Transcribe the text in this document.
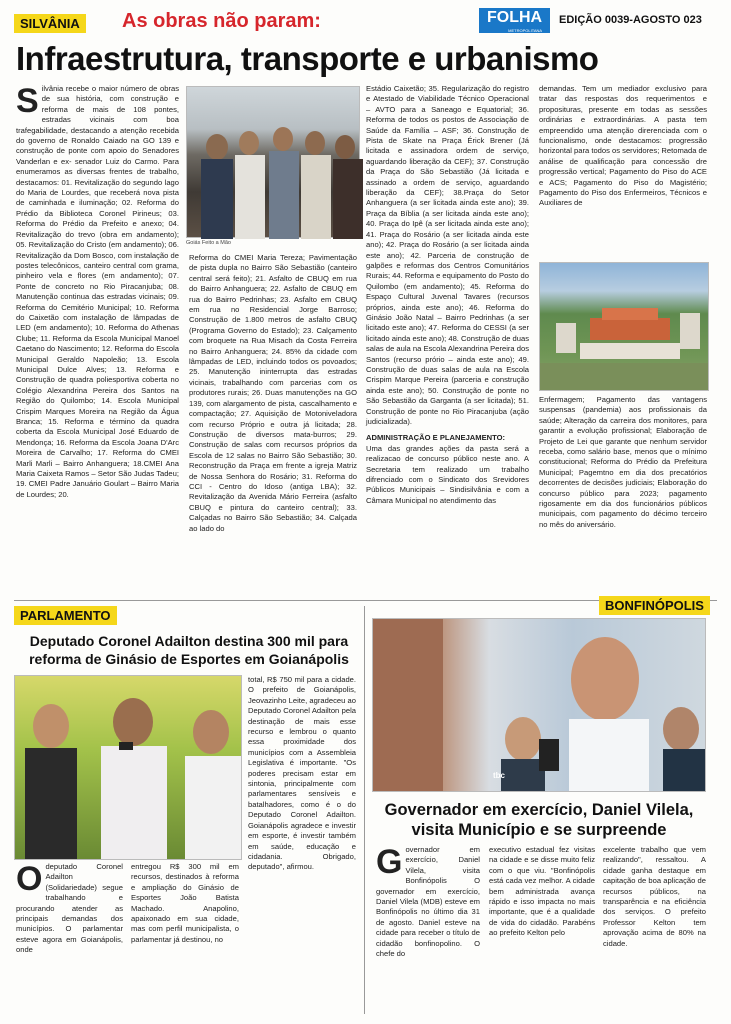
SILVÂNIA	As obras não param:	FOLHA
METROPOLITANA
EDIÇÃO 0039-AGOSTO 023
Infraestrutura, transporte e urbanismo
S ilvânia recebe o maior número de obras de sua história, com construção e reforma de mais de 108 pontes, estradas vicinais com boa trafegabilidade, destacando a atenção recebida do governo de Ronaldo Caiado na GO 139 e construção de ponte com apoio do Senadores Vanderlan e ex- senador Luiz do Carmo. Para enumeramos as diversas frentes de trabalho, destacamos: 01. Revitalização do segundo lago do Maria de Lourdes, que receberá nova pista de caminhada e iluminação; 02. Reforma do Prédio da Biblioteca Coronel Pirineus; 03. Reforma do Prédio da Prefeito e anexo; 04. Revitalização do trevo (obra em andamento); 05. Revitalização do Cristo (em andamento); 06. Revitalização da Dom Bosco, com instalação de postes telecônicos, canteiro central com grama, pinheiro vela e flores (em andamento); 07. Ponte de concreto no Rio Piracanjuba; 08. Manutenção continua das estradas vicinais; 09. Reforma do Cemitério Municipal; 10. Reforma do Caixetão com instalação de lâmpadas de LED (em andamento); 10. Reforma do Athenas Clube; 11. Reforma da Escola Municipal Manoel Caetano do Nascimento; 12. Reforma do Escola Municipal Geraldo Napoleão; 13. Escola Municipal Dulce Alves; 13. Reforma e Construção de quadra poliesportiva coberta no Colégio Alexandrina Pereira dos Santos na Região do Quilombo; 14. Escola Municipal Crispim Marques Moreira na Região da Água Branca; 15. Reforma e término da quadra coberta da Escola Municipal José Eduardo de Mendonça; 16. Reforma da Escola Joana D'Arc Moreira de Carvalho; 17. Reforma do CMEI Marli Marli – Bairro Anhanguera; 18.CMEI Ana Maria Caixeta Ramos – Setor São Judas Tadeu; 19. CMEI Padre Januário Goulart – Bairro Maria de Lourdes; 20.

Goiás Feito a Mão

Reforma do CMEI Maria Tereza; Pavimentação de pista dupla no Bairro São Sebastião (canteiro central será feito); 21. Asfalto de CBUQ em rua do Bairro Anhanguera; 22. Asfalto de CBUQ em rua do Bairro Pedrinhas; 23. Asfalto em CBUQ em rua no Residencial Jorge Barroso; Construção de 1.800 metros de asfalto CBUQ (Programa Governo do Estado); 23. Calçamento com broquete na Rua Misach da Costa Ferreira no Bairro Anhanguera; 24. 85% da cidade com lâmpadas de LED, incluindo todos os povoados; 25. Manutenção ininterrupta das estradas vicinais, trabalhando com parcerias com os produtores rurais; 26. Duas manutenções na GO 139, com alargamento de pista, cascalhamento e compactação; 27. Aquisição de Motoniveladora com recurso Próprio e outra já licitada; 28. Construção de diversos mata-burros; 29. Construção de salas com recursos próprios da Escola de 12 salas no Bairro São Sebastião; 30. Reconstrução da Praça em frente a igreja Matriz de Nossa Senhora do Rosário; 31. Reforma do CCI - Centro do Idoso (antiga LBA); 32. Revitalização da Avenida Mário Ferreira (asfalto CBUQ e pintura do canteiro central); 33. Calçadas no Bairro São Sebastião; 34. Calçada ao lado do

Estádio Caixetão; 35. Regularização do registro e Atestado de Viabilidade Técnico Operacional – AVTO para a Saneago e Equatorial; 36. Reforma de todos os postos de Associação de Saúde da Família – ASF; 36. Construção de Pista de Skate na Praça Érick Brener (Já licitada e assinadora ordem de serviço, aguardando liberação da CEF); 37. Construção da Praça do São Sebastião (Já licitada e assinado a ordem de serviço, aguardando liberação da CEF); 38.Praça do Setor Anhanguera (a ser licitada ainda este ano); 39. Praça da Bíblia (a ser licitada ainda este ano); 40. Praça do Ipê (a ser licitada ainda este ano); 41. Praça do Rosário (a ser licitada ainda este ano); 42. Praça do Rosário (a ser licitada ainda este ano); 42. Parceria de construção de galpões e reformas dos Centros Comunitários Rurais; 44. Reforma e equipamento do Posto do Quilombo (em andamento); 45. Reforma do Espaço Cultural Juvenal Tavares (recursos próprios, ainda este ano); 46. Reforma do Ginásio João Natal – Bairro Pedrinhas (a ser licitado este ano); 47. Reforma do CESSI (a ser licitado ainda este ano); 48. Construção de duas salas de aula na Escola Alexandrina Pereira dos Santos (recurso prório – ainda este ano); 49. Construção de duas salas de aula na Escola Crispim Marque Pereira (parceria e construção ainda este ano); 50. Construção de ponte no São Sebastião da Garganta (a ser licitada); 51. Construção de ponte no Rio Piracanjuba (ação judicializada).

ADMINISTRAÇÃO E PLANEJAMENTO:

Uma das grandes ações da pasta será a realizacao de concurso público neste ano. A Secretaria tem realizado um trabalho difrenciado com o Sindicato dos Srevidores Públicos Municipais – Sindisilvânia e com a Câmara Municipal no atendimento das

demandas. Tem um mediador exclusivo para tratar das respostas dos requerimentos e proposituras, presente em todas as sessões ordinárias e extraordinárias. A pasta tem empreendido uma atenção direrenciada com o funcionalismo, onde destacamos: progressão horizontal para todos os servidores; Retomada de análise de qualificação para concessão dre progressão vertical; Pagamento do Piso do ACE e ACS; Pagamento do Piso do Magistério; Pagamento do Piso dos Enfermeiros, Técnicos e Auxiliares de

Enfermagem; Pagamento das vantagens suspensas (pandemia) aos profissionais da saúde; Alteração da carreira dos monitores, para garantir a evolução profissional; Elaboração de Projeto de Lei que garante que nenhum servidor receba, como salário base, menos que o mínimo constitucional; Reforma do Prédio da Prefeitura Municipal; Pagemtno em dia dos precatórios decorrentes de decisões judiciais; Elaboração do concurso público para 2023; pagamento rigosamente em dia dos funcionários públicos municipais, com pagamento do décimo terceiro no mês do aniversário.

PARLAMENTO
Deputado Coronel Adailton destina 300 mil para reforma de Ginásio de Esportes em Goianápolis

total, R$ 750 mil para a cidade. O prefeito de Goianápolis, Jeovazinho Leite, agradeceu ao Deputado Coronel Adailton pela destinação de mais esse recurso e lembrou o quanto essa proximidade dos municípios com a Assembleia Legislativa é importante. "Os poderes precisam estar em sintonia, principalmente com parlamentares sensíveis e batalhadores, como é o do Deputado Coronel Adailton. Goianápolis agradece e investir em esporte, é investir também em saúde, educação e cidadania. Obrigado, deputado", afirmou.

O deputado Coronel Adailton (Solidariedade) segue trabalhando e procurando atender as principais demandas dos municípios. O parlamentar esteve agora em Goianápolis, onde

entregou R$ 300 mil em recursos, destinados à reforma e ampliação do Ginásio de Esportes João Batista Machado. Anapolino, apaixonado em sua cidade, mas com perfil municipalista, o parlamentar já destinou, no

BONFINÓPOLIS
tbc
Governador em exercício, Daniel Vilela, visita Município e se surpreende
G overnador em exercício, Daniel Vilela, visita Bonfinópolis O governador em exercício, Daniel Vilela (MDB) esteve em Bonfinópolis no último dia 31 de agosto. Daniel esteve na cidade para receber o título de cidadão bonfinopolino. O chefe do

executivo estadual fez visitas na cidade e se disse muito feliz com o que viu. "Bonfinópolis está cada vez melhor. A cidade bem administrada avança rápido e isso impacta no mais importante, que é a qualidade de vida do cidadão. Parabéns ao prefeito Kelton pelo

excelente trabalho que vem realizando", ressaltou. A cidade ganha destaque em capitação de boa aplicação de recursos públicos, na transparência e na eficiência dos serviços. O prefeito Professor Kelton tem aprovação acima de 80% na cidade.
